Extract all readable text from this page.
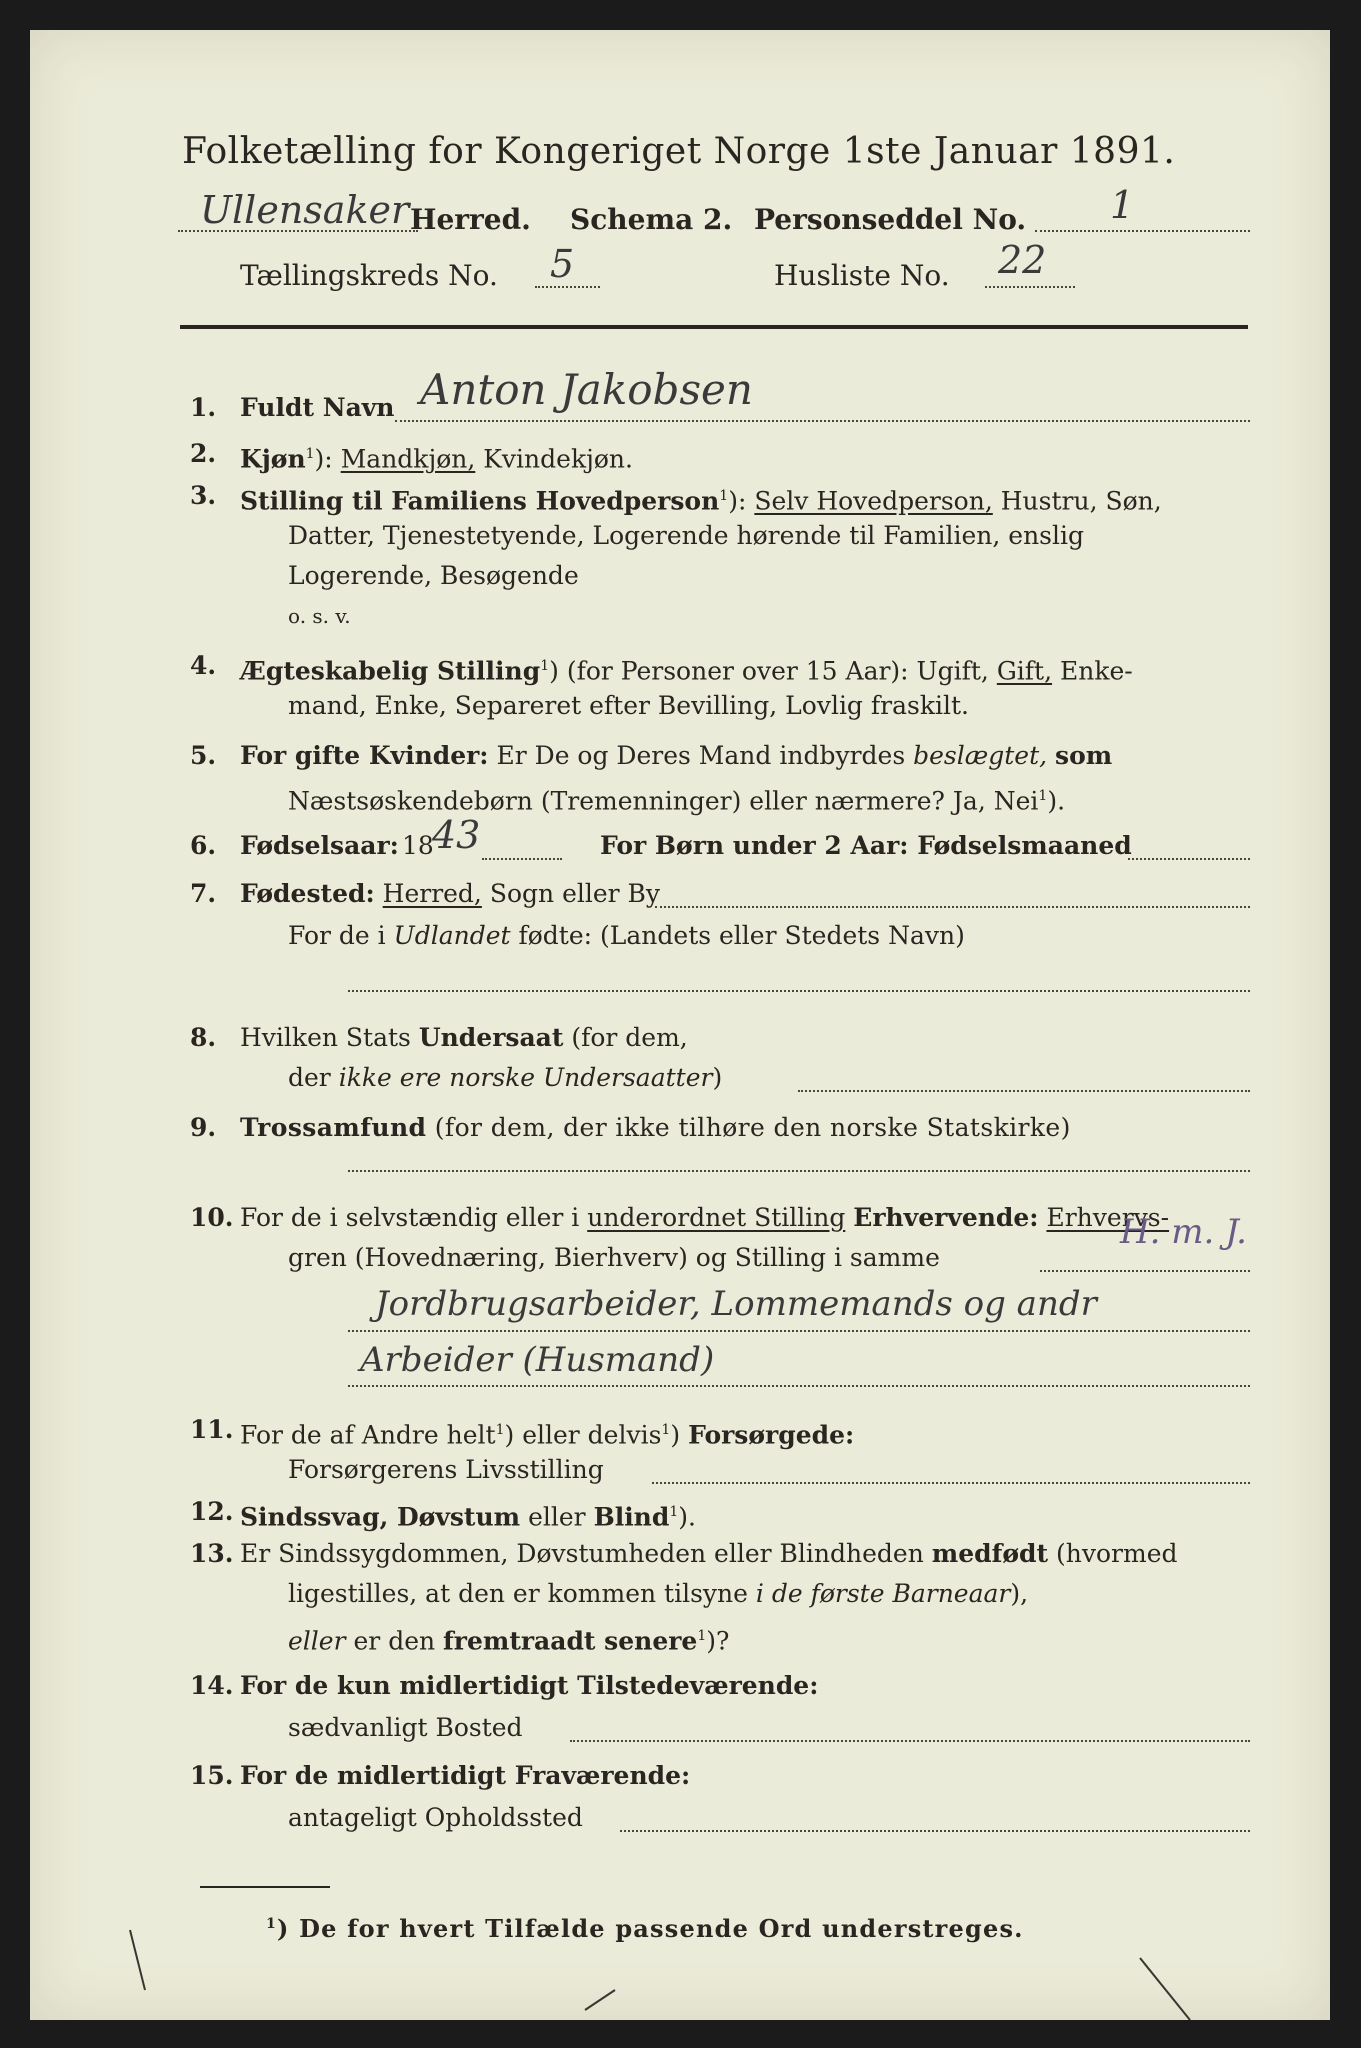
Folketælling for Kongeriget Norge 1ste Januar 1891.
Ullensaker Herred. Schema 2. Personseddel No. 1
Tællingskreds No. 5	Husliste No. 22
1. Fuldt Navn Anton Jakobsen
2. Kjøn$^1$): Mandkjøn, Kvindekjøn.
3. Stilling til Familiens Hovedperson$^1$): Selv Hovedperson, Hustru, Søn,
Datter, Tjenestetyende, Logerende hørende til Familien, enslig
Logerende, Besøgende
o. s. v.
4. Ægteskabelig Stilling$^1$) (for Personer over 15 Aar): Ugift, Gift, Enke-
mand, Enke, Separeret efter Bevilling, Lovlig fraskilt.
5. For gifte Kvinder: Er De og Deres Mand indbyrdes beslægtet, som
Næstsøskendebørn (Tremenninger) eller nærmere? Ja, Nei$^1$).
6. Fødselsaar: 18
43	For Børn under 2 Aar: Fødselsmaaned
7. Fødested: Herred, Sogn eller By
For de i Udlandet fødte: (Landets eller Stedets Navn)
8. Hvilken Stats Undersaat (for dem,
der ikke ere norske Undersaatter)
9. Trossamfund (for dem, der ikke tilhøre den norske Statskirke)
10. For de i selvstændig eller i underordnet Stilling Erhvervende: Erhvervs-
gren (Hovednæring, Bierhverv) og Stilling i samme
H. m. J.
Jordbrugsarbeider, Lommemands og andr
Arbeider (Husmand)
11. For de af Andre helt$^1$) eller delvis$^1$) Forsørgede:
Forsørgerens Livsstilling
12. Sindssvag, Døvstum eller Blind$^1$).
13. Er Sindssygdommen, Døvstumheden eller Blindheden medfødt (hvormed
ligestilles, at den er kommen tilsyne i de første Barneaar),
eller er den fremtraadt senere$^1$)?
14. For de kun midlertidigt Tilstedeværende:
sædvanligt Bosted
15. For de midlertidigt Fraværende:
antageligt Opholdssted
$^1$) De for hvert Tilfælde passende Ord understreges.
